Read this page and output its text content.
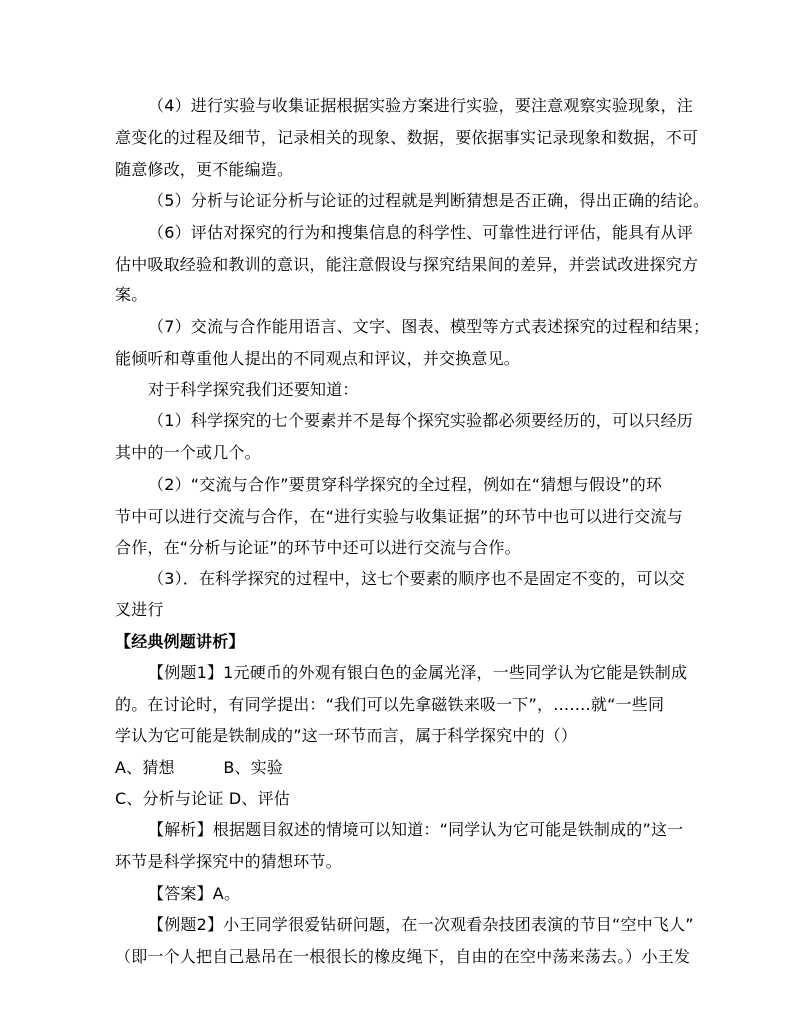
（4）进行实验与收集证据根据实验方案进行实验，要注意观察实验现象，注
意变化的过程及细节，记录相关的现象、数据，要依据事实记录现象和数据，不可
随意修改，更不能编造。
（5）分析与论证分析与论证的过程就是判断猜想是否正确，得出正确的结论。
（6）评估对探究的行为和搜集信息的科学性、可靠性进行评估，能具有从评
估中吸取经验和教训的意识，能注意假设与探究结果间的差异，并尝试改进探究方
案。
（7）交流与合作能用语言、文字、图表、模型等方式表述探究的过程和结果；
能倾听和尊重他人提出的不同观点和评议，并交换意见。
对于科学探究我们还要知道：
（1）科学探究的七个要素并不是每个探究实验都必须要经历的，可以只经历
其中的一个或几个。
（2）“交流与合作”要贯穿科学探究的全过程，例如在“猜想与假设”的环
节中可以进行交流与合作，在“进行实验与收集证据”的环节中也可以进行交流与
合作，在“分析与论证”的环节中还可以进行交流与合作。
（3）．在科学探究的过程中，这七个要素的顺序也不是固定不变的，可以交
叉进行
【经典例题讲析】
【例题1】1元硬币的外观有银白色的金属光泽，一些同学认为它能是铁制成
的。在讨论时，有同学提出：“我们可以先拿磁铁来吸一下”，…….就“一些同
学认为它可能是铁制成的”这一环节而言，属于科学探究中的（）
A、猜想　　　B、实验
C、分析与论证 D、评估
【解析】根据题目叙述的情境可以知道：“同学认为它可能是铁制成的”这一
环节是科学探究中的猜想环节。
【答案】A。
【例题2】小王同学很爱钻研问题，在一次观看杂技团表演的节目“空中飞人”
（即一个人把自己悬吊在一根很长的橡皮绳下，自由的在空中荡来荡去。）小王发
